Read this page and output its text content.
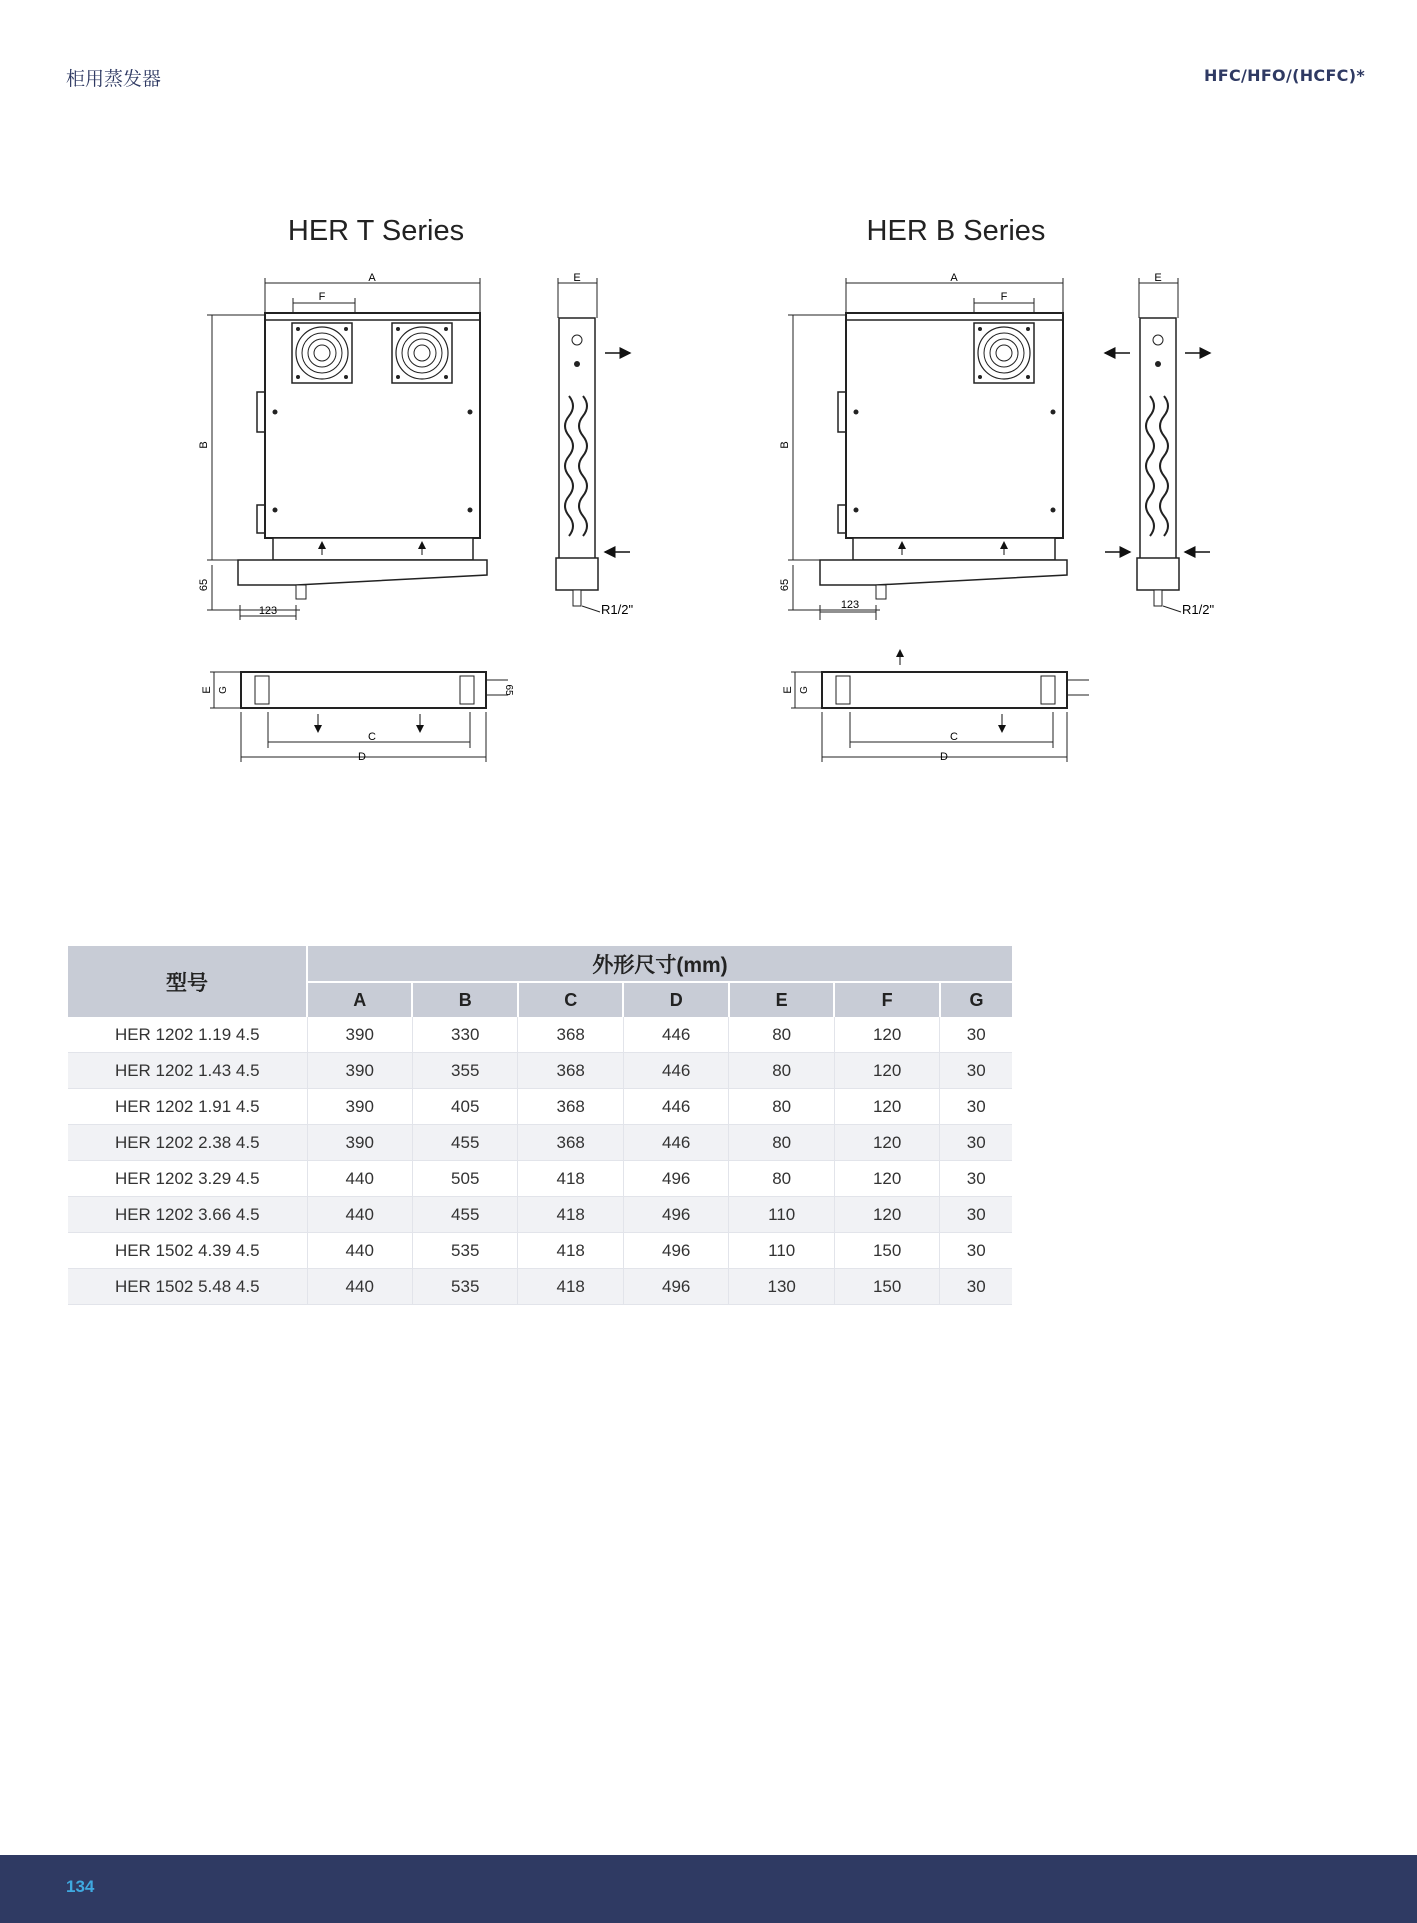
柜用蒸发器	HFC/HFO/(HCFC)*
HER T Series	HER B Series
A
F
B
65
123
E
R1/2"
C
D
E G	65
A
F
B
65
123
E
R1/2"
C
D
E G
型号	外形尺寸(mm)						
	A	B	C	D	E	F	G
HER 1202 1.19 4.5	390	330	368	446	80	120	30
HER 1202 1.43 4.5	390	355	368	446	80	120	30
HER 1202 1.91 4.5	390	405	368	446	80	120	30
HER 1202 2.38 4.5	390	455	368	446	80	120	30
HER 1202 3.29 4.5	440	505	418	496	80	120	30
HER 1202 3.66 4.5	440	455	418	496	110	120	30
HER 1502 4.39 4.5	440	535	418	496	110	150	30
HER 1502 5.48 4.5	440	535	418	496	130	150	30
134
